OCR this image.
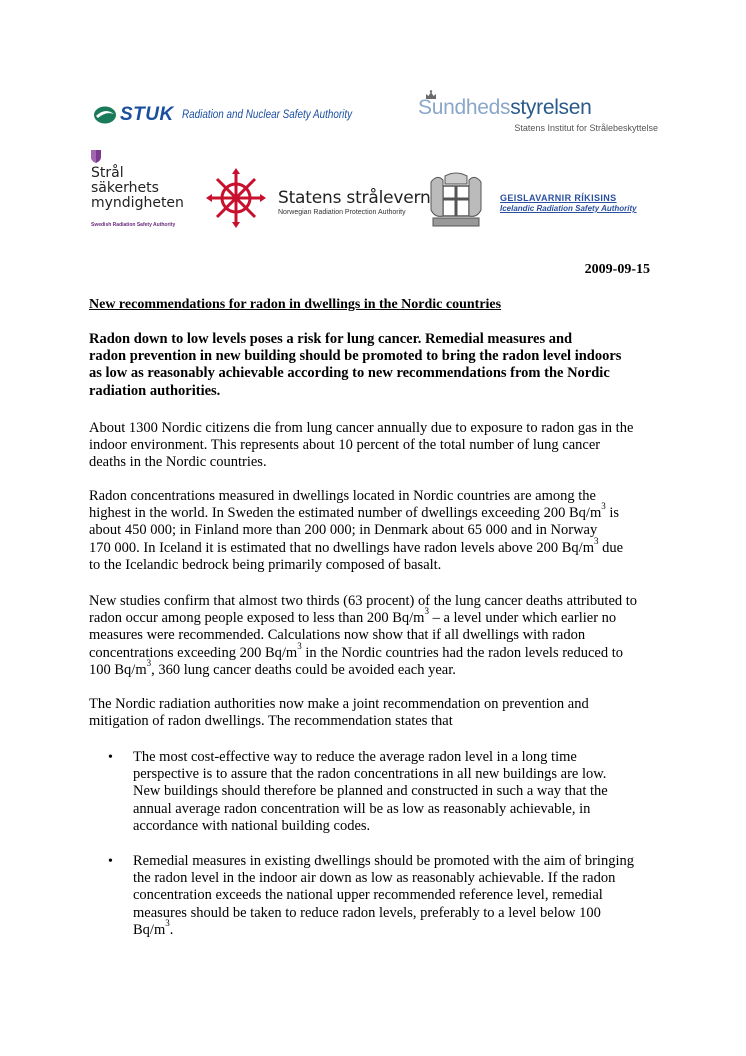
STUK Radiation and Nuclear Safety Authority	Sundhedsstyrelsen
Statens Institut for Strålebeskyttelse
Strål
säkerhets
myndigheten
Swedish Radiation Safety Authority
Statens strålevern
Norwegian Radiation Protection Authority
GEISLAVARNIR RÍKISINS
Icelandic Radiation Safety Authority
2009-09-15
New recommendations for radon in dwellings in the Nordic countries
Radon down to low levels poses a risk for lung cancer. Remedial measures and
radon prevention in new building should be promoted to bring the radon level indoors
as low as reasonably achievable according to new recommendations from the Nordic
radiation authorities.
About 1300 Nordic citizens die from lung cancer annually due to exposure to radon gas in the
indoor environment. This represents about 10 percent of the total number of lung cancer
deaths in the Nordic countries.
Radon concentrations measured in dwellings located in Nordic countries are among the
highest in the world. In Sweden the estimated number of dwellings exceeding 200 $Bq/m^3$ is
about 450 000; in Finland more than 200 000; in Denmark about 65 000 and in Norway
170 000. In Iceland it is estimated that no dwellings have radon levels above 200 $Bq/m^3$ due
to the Icelandic bedrock being primarily composed of basalt.
New studies confirm that almost two thirds (63 procent) of the lung cancer deaths attributed to
radon occur among people exposed to less than 200 $Bq/m^3$ – a level under which earlier no
measures were recommended. Calculations now show that if all dwellings with radon
concentrations exceeding 200 $Bq/m^3$ in the Nordic countries had the radon levels reduced to
100 $Bq/m^3$, 360 lung cancer deaths could be avoided each year.
The Nordic radiation authorities now make a joint recommendation on prevention and
mitigation of radon dwellings. The recommendation states that
• The most cost-effective way to reduce the average radon level in a long time
perspective is to assure that the radon concentrations in all new buildings are low.
New buildings should therefore be planned and constructed in such a way that the
annual average radon concentration will be as low as reasonably achievable, in
accordance with national building codes.
• Remedial measures in existing dwellings should be promoted with the aim of bringing
the radon level in the indoor air down as low as reasonably achievable. If the radon
concentration exceeds the national upper recommended reference level, remedial
measures should be taken to reduce radon levels, preferably to a level below 100
$Bq/m^3$.
